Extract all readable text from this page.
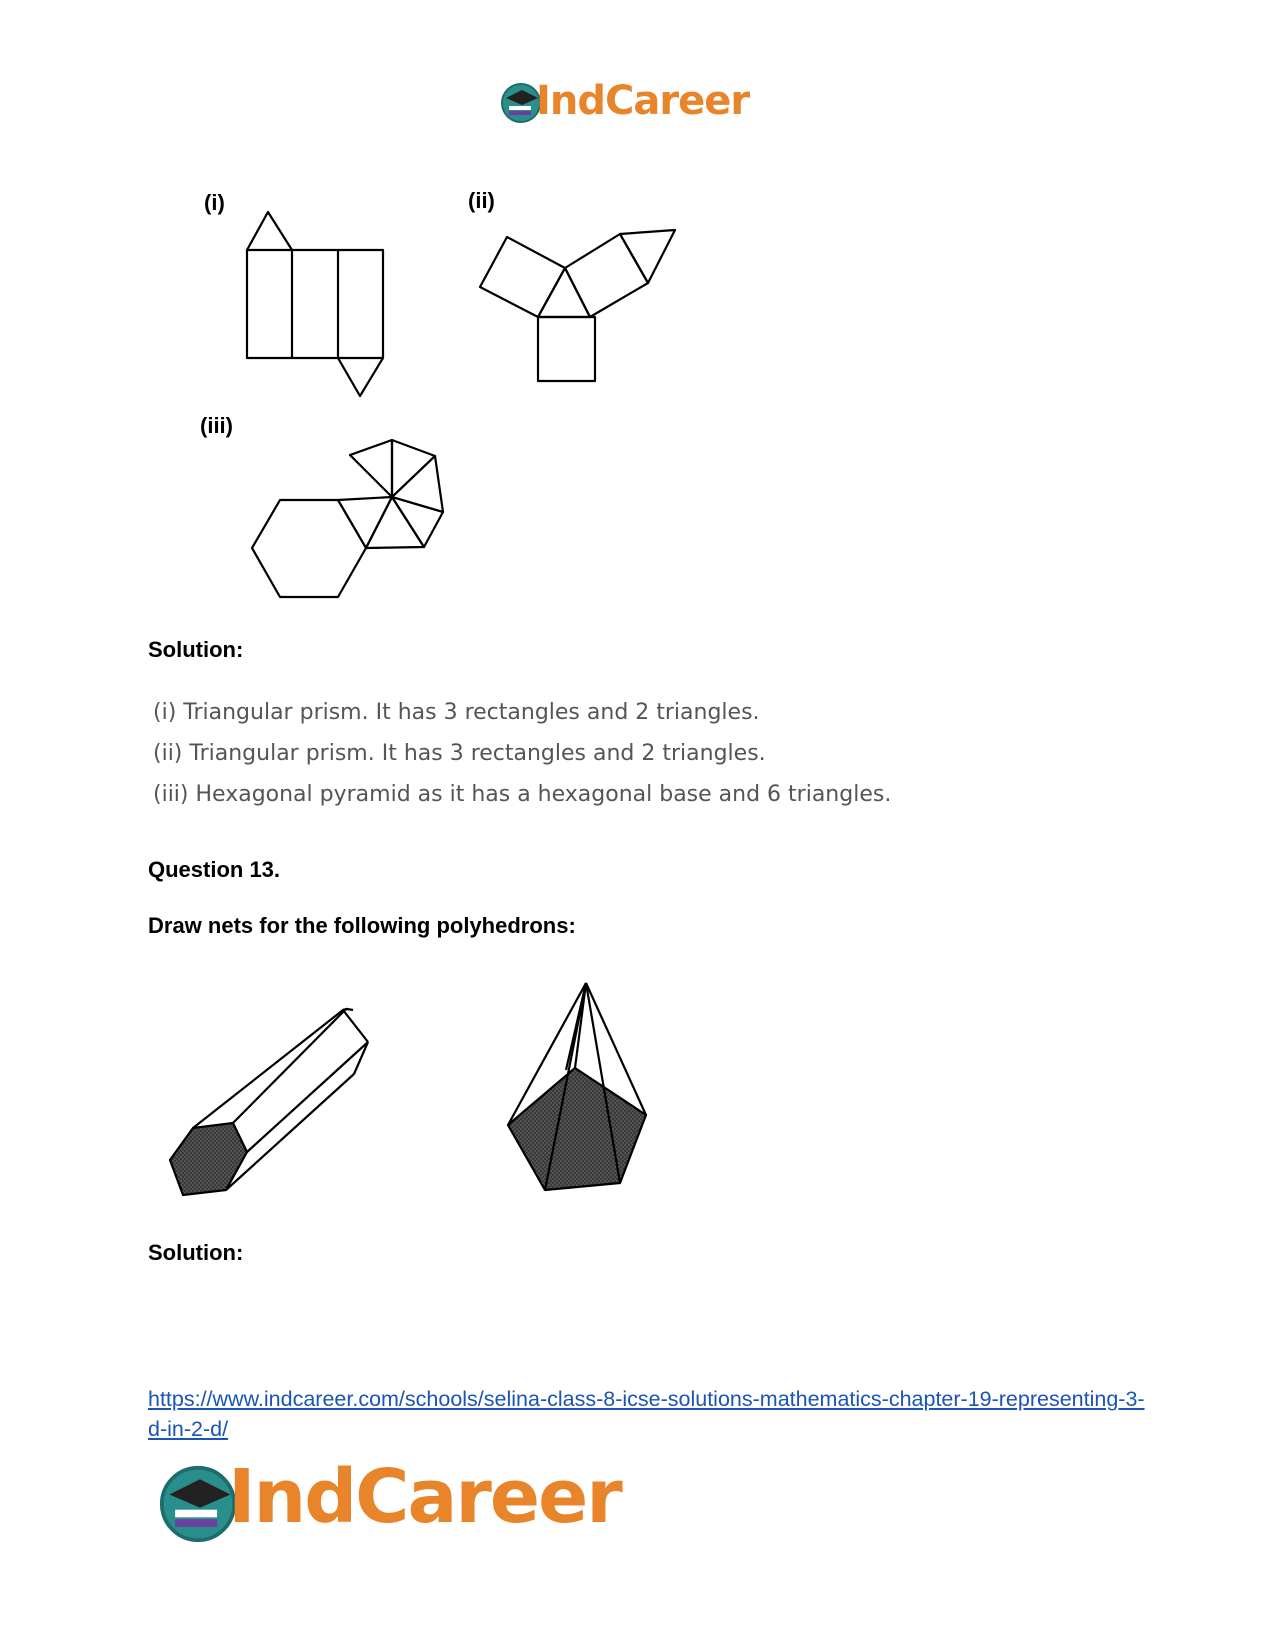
IndCareer
(i)	(ii)
(iii)
Solution:
(i) Triangular prism. It has 3 rectangles and 2 triangles.
(ii) Triangular prism. It has 3 rectangles and 2 triangles.
(iii) Hexagonal pyramid as it has a hexagonal base and 6 triangles.
Question 13.
Draw nets for the following polyhedrons:
Solution:
https://www.indcareer.com/schools/selina-class-8-icse-solutions-mathematics-chapter-19-representing-3-d-in-2-d/
IndCareer
